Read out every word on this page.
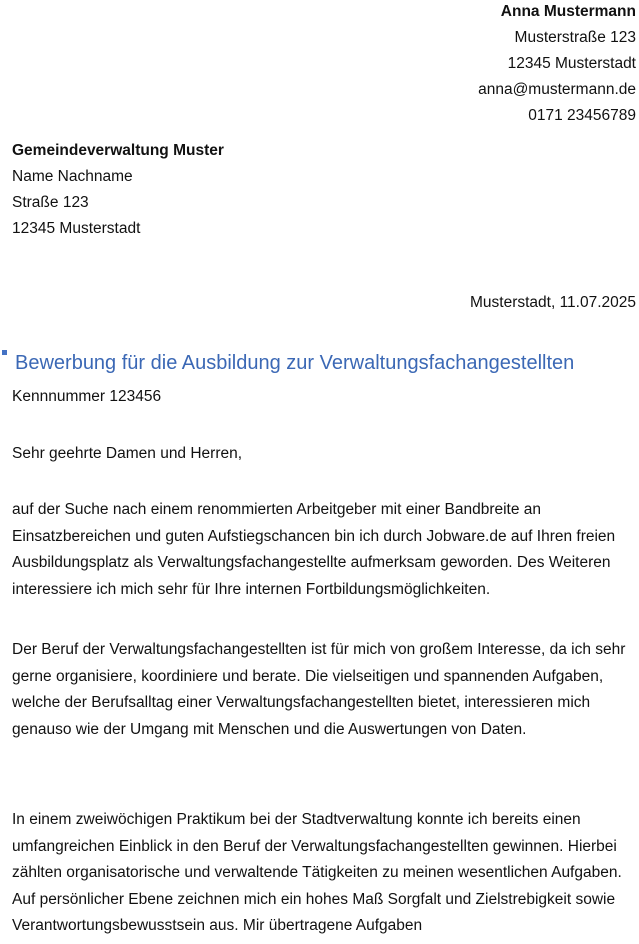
Anna Mustermann
Musterstraße 123
12345 Musterstadt
anna@mustermann.de
0171 23456789
Gemeindeverwaltung Muster
Name Nachname
Straße 123
12345 Musterstadt
Musterstadt, 11.07.2025
Bewerbung für die Ausbildung zur Verwaltungsfachangestellten
Kennnummer 123456
Sehr geehrte Damen und Herren,

auf der Suche nach einem renommierten Arbeitgeber mit einer Bandbreite an Einsatzbereichen und guten Aufstiegschancen bin ich durch Jobware.de auf Ihren freien Ausbildungsplatz als Verwaltungsfachangestellte aufmerksam geworden. Des Weiteren interessiere ich mich sehr für Ihre internen Fortbildungsmöglichkeiten.

Der Beruf der Verwaltungsfachangestellten ist für mich von großem Interesse, da ich sehr gerne organisiere, koordiniere und berate. Die vielseitigen und spannenden Aufgaben, welche der Berufsalltag einer Verwaltungsfachangestellten bietet, interessieren mich genauso wie der Umgang mit Menschen und die Auswertungen von Daten.

In einem zweiwöchigen Praktikum bei der Stadtverwaltung konnte ich bereits einen umfangreichen Einblick in den Beruf der Verwaltungsfachangestellten gewinnen. Hierbei zählten organisatorische und verwaltende Tätigkeiten zu meinen wesentlichen Aufgaben. Auf persönlicher Ebene zeichnen mich ein hohes Maß Sorgfalt und Zielstrebigkeit sowie Verantwortungsbewusstsein aus. Mir übertragene Aufgaben
